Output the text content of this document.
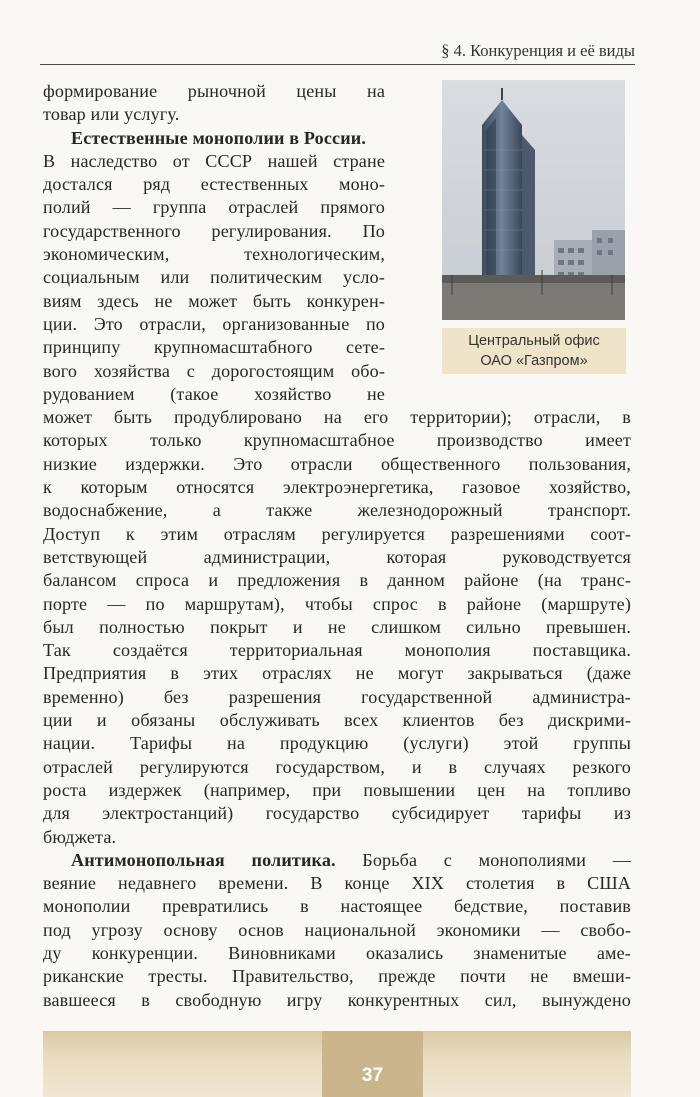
§ 4. Конкуренция и её виды
Центральный офис
ОАО «Газпром»
формирование рыночной цены на
товар или услугу.
Естественные монополии в России.
В наследство от СССР нашей стране
достался ряд естественных моно-
полий — группа отраслей прямого
государственного регулирования. По
экономическим, технологическим,
социальным или политическим усло-
виям здесь не может быть конкурен-
ции. Это отрасли, организованные по
принципу крупномасштабного сете-
вого хозяйства с дорогостоящим обо-
рудованием (такое хозяйство не
может быть продублировано на его территории); отрасли, в
которых только крупномасштабное производство имеет
низкие издержки. Это отрасли общественного пользования,
к которым относятся электроэнергетика, газовое хозяйство,
водоснабжение, а также железнодорожный транспорт.
Доступ к этим отраслям регулируется разрешениями соот-
ветствующей администрации, которая руководствуется
балансом спроса и предложения в данном районе (на транс-
порте — по маршрутам), чтобы спрос в районе (маршруте)
был полностью покрыт и не слишком сильно превышен.
Так создаётся территориальная монополия поставщика.
Предприятия в этих отраслях не могут закрываться (даже
временно) без разрешения государственной администра-
ции и обязаны обслуживать всех клиентов без дискрими-
нации. Тарифы на продукцию (услуги) этой группы
отраслей регулируются государством, и в случаях резкого
роста издержек (например, при повышении цен на топливо
для электростанций) государство субсидирует тарифы из
бюджета.
Антимонопольная политика. Борьба с монополиями —
веяние недавнего времени. В конце XIX столетия в США
монополии превратились в настоящее бедствие, поставив
под угрозу основу основ национальной экономики — свобо-
ду конкуренции. Виновниками оказались знаменитые аме-
риканские тресты. Правительство, прежде почти не вмеши-
вавшееся в свободную игру конкурентных сил, вынуждено
37
